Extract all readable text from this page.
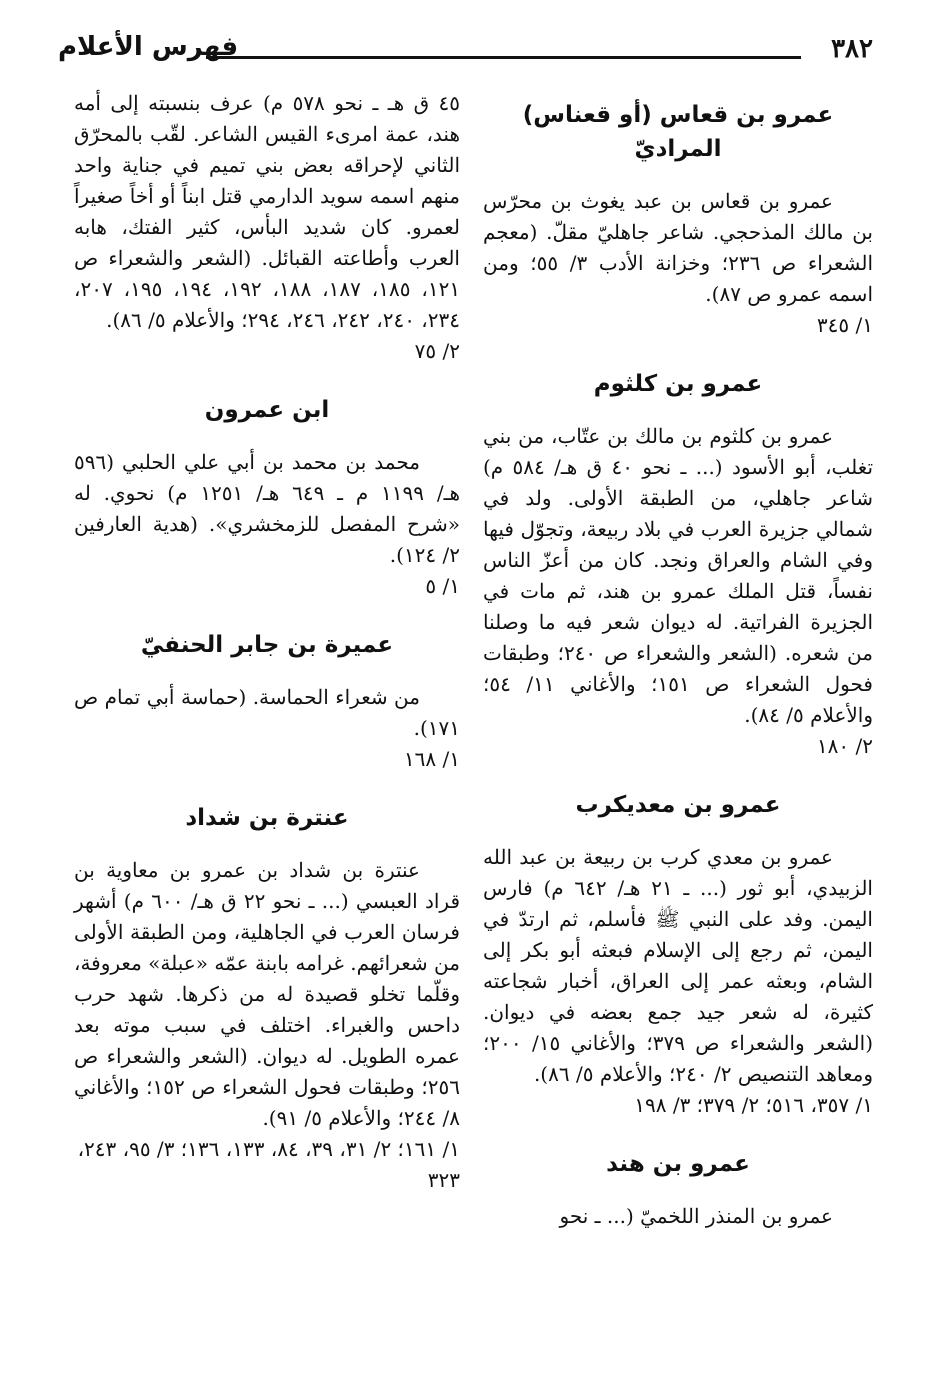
٣٨٢
فهرس الأعلام
عمرو بن قعاس (أو قعناس) المراديّ

عمرو بن قعاس بن عبد يغوث بن محرّس بن مالك المذحجي. شاعر جاهليّ مقلّ. (معجم الشعراء ص ٢٣٦؛ وخزانة الأدب ٣/ ٥٥؛ ومن اسمه عمرو ص ٨٧).

١/ ٣٤٥

عمرو بن كلثوم

عمرو بن كلثوم بن مالك بن عتّاب، من بني تغلب، أبو الأسود (... ـ نحو ٤٠ ق هـ/ ٥٨٤ م) شاعر جاهلي، من الطبقة الأولى. ولد في شمالي جزيرة العرب في بلاد ربيعة، وتجوّل فيها وفي الشام والعراق ونجد. كان من أعزّ الناس نفساً، قتل الملك عمرو بن هند، ثم مات في الجزيرة الفراتية. له ديوان شعر فيه ما وصلنا من شعره. (الشعر والشعراء ص ٢٤٠؛ وطبقات فحول الشعراء ص ١٥١؛ والأغاني ١١/ ٥٤؛ والأعلام ٥/ ٨٤).

٢/ ١٨٠

عمرو بن معديكرب

عمرو بن معدي كرب بن ربيعة بن عبد الله الزبيدي، أبو ثور (... ـ ٢١ هـ/ ٦٤٢ م) فارس اليمن. وفد على النبي ﷺ فأسلم، ثم ارتدّ في اليمن، ثم رجع إلى الإسلام فبعثه أبو بكر إلى الشام، وبعثه عمر إلى العراق، أخبار شجاعته كثيرة، له شعر جيد جمع بعضه في ديوان. (الشعر والشعراء ص ٣٧٩؛ والأغاني ١٥/ ٢٠٠؛ ومعاهد التنصيص ٢/ ٢٤٠؛ والأعلام ٥/ ٨٦).

١/ ٣٥٧، ٥١٦؛ ٢/ ٣٧٩؛ ٣/ ١٩٨

عمرو بن هند

عمرو بن المنذر اللخميّ (... ـ نحو

٤٥ ق هـ ـ نحو ٥٧٨ م) عرف بنسبته إلى أمه هند، عمة امرىء القيس الشاعر. لقّب بالمحرّق الثاني لإحراقه بعض بني تميم في جناية واحد منهم اسمه سويد الدارمي قتل ابناً أو أخاً صغيراً لعمرو. كان شديد البأس، كثير الفتك، هابه العرب وأطاعته القبائل. (الشعر والشعراء ص ١٢١، ١٨٥، ١٨٧، ١٨٨، ١٩٢، ١٩٤، ١٩٥، ٢٠٧، ٢٣٤، ٢٤٠، ٢٤٢، ٢٤٦، ٢٩٤؛ والأعلام ٥/ ٨٦).

٢/ ٧٥

ابن عمرون

محمد بن محمد بن أبي علي الحلبي (٥٩٦ هـ/ ١١٩٩ م ـ ٦٤٩ هـ/ ١٢٥١ م) نحوي. له «شرح المفصل للزمخشري». (هدية العارفين ٢/ ١٢٤).

١/ ٥

عميرة بن جابر الحنفيّ

من شعراء الحماسة. (حماسة أبي تمام ص ١٧١).

١/ ١٦٨

عنترة بن شداد

عنترة بن شداد بن عمرو بن معاوية بن قراد العبسي (... ـ نحو ٢٢ ق هـ/ ٦٠٠ م) أشهر فرسان العرب في الجاهلية، ومن الطبقة الأولى من شعرائهم. غرامه بابنة عمّه «عبلة» معروفة، وقلّما تخلو قصيدة له من ذكرها. شهد حرب داحس والغبراء. اختلف في سبب موته بعد عمره الطويل. له ديوان. (الشعر والشعراء ص ٢٥٦؛ وطبقات فحول الشعراء ص ١٥٢؛ والأغاني ٨/ ٢٤٤؛ والأعلام ٥/ ٩١).

١/ ١٦١؛ ٢/ ٣١، ٣٩، ٨٤، ١٣٣، ١٣٦؛ ٣/ ٩٥، ٢٤٣، ٣٢٣
